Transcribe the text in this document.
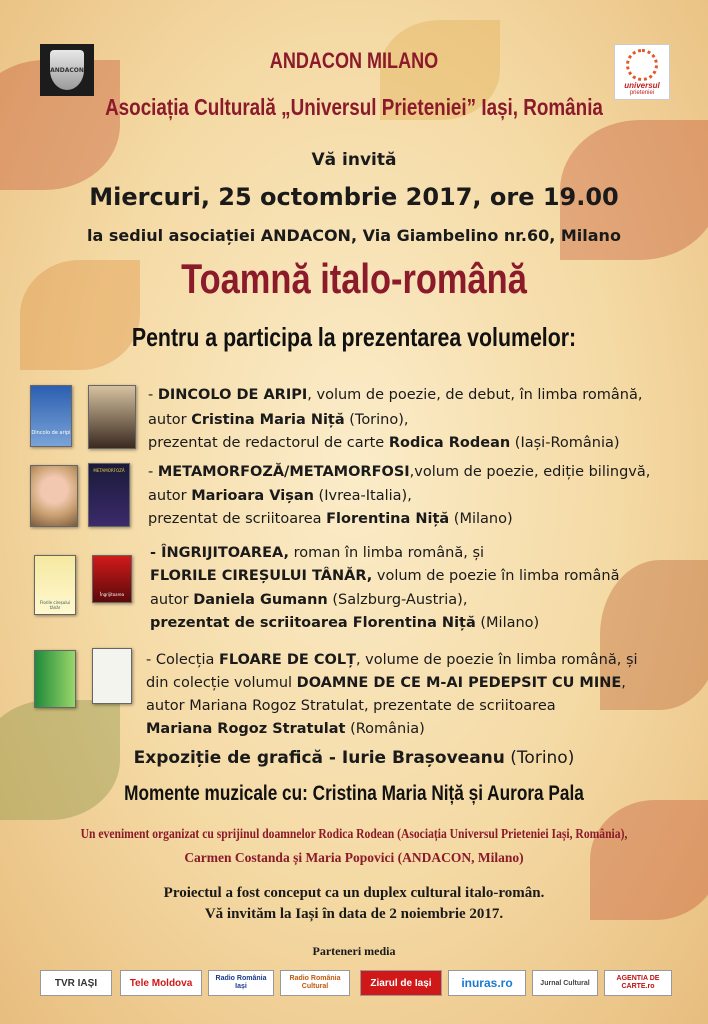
ANDACON
universul
prieteniei
ANDACON MILANO
Asociația Culturală „Universul Prieteniei” Iași, România
Vă invită
Miercuri, 25 octombrie 2017, ore 19.00
la sediul asociației ANDACON, Via Giambelino nr.60, Milano
Toamnă italo-română
Pentru a participa la prezentarea volumelor:
Dincolo de aripi
- DINCOLO DE ARIPI, volum de poezie, de debut, în limba română,
autor Cristina Maria Niță (Torino),
prezentat de redactorul de carte Rodica Rodean (Iași-România)
METAMORFOZĂ	- METAMORFOZĂ/METAMORFOSI,volum de poezie, ediție bilingvă,
autor Marioara Vișan (Ivrea-Italia),
prezentat de scriitoarea Florentina Niță (Milano)
Florile cireșului tânăr
Îngrijitoarea
- ÎNGRIJITOAREA, roman în limba română, și
FLORILE CIREȘULUI TÂNĂR, volum de poezie în limba română
autor Daniela Gumann (Salzburg-Austria),
prezentat de scriitoarea Florentina Niță (Milano)
- Colecția FLOARE DE COLȚ, volume de poezie în limba română, și
din colecție volumul DOAMNE DE CE M-AI PEDEPSIT CU MINE,
autor Mariana Rogoz Stratulat, prezentate de scriitoarea
Mariana Rogoz Stratulat (România)
Expoziție de grafică - Iurie Brașoveanu (Torino)
Momente muzicale cu: Cristina Maria Niță și Aurora Pala
Un eveniment organizat cu sprijinul doamnelor Rodica Rodean (Asociația Universul Prieteniei Iași, România),
Carmen Costanda și Maria Popovici (ANDACON, Milano)
Proiectul a fost conceput ca un duplex cultural italo-român.
Vă invităm la Iași în data de 2 noiembrie 2017.
Parteneri media
TVR IAȘI	Tele Moldova	Radio România Iași
Radio România Cultural	Ziarul de Iași inuras.ro	Jurnal Cultural
AGENTIA DE CARTE.ro
